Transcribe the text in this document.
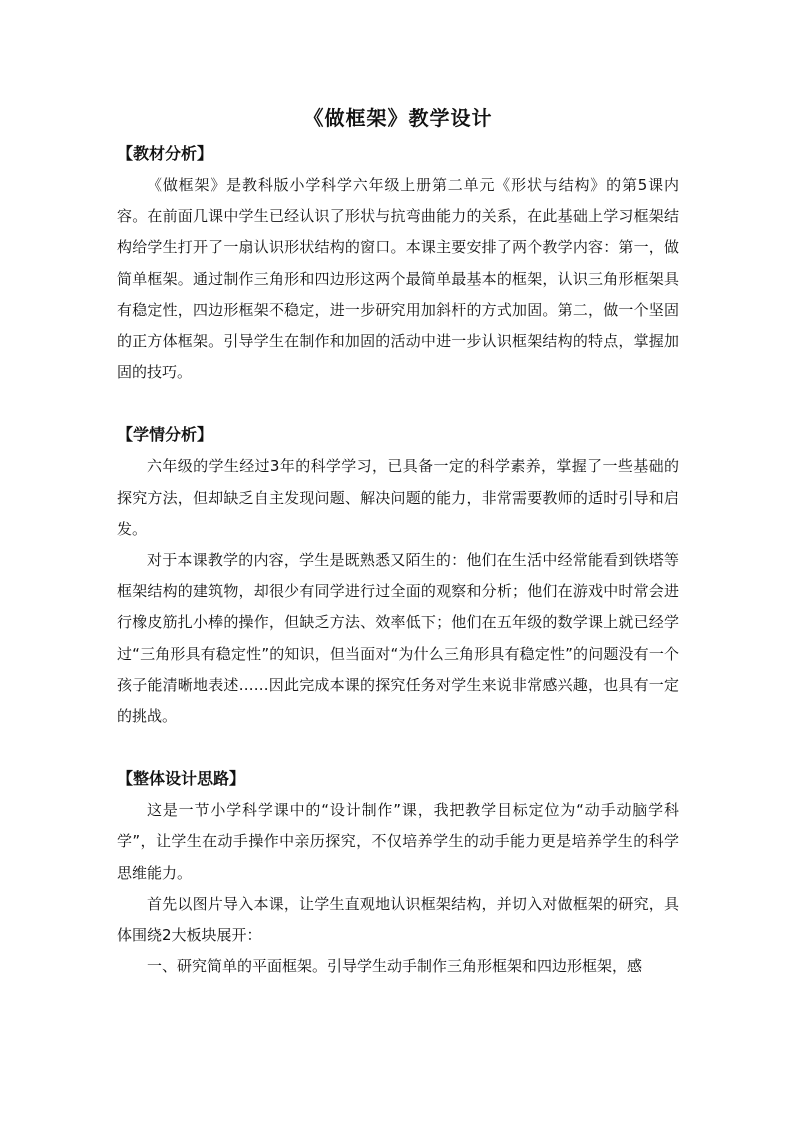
《做框架》教学设计

【教材分析】

《做框架》是教科版小学科学六年级上册第二单元《形状与结构》的第5课内容。在前面几课中学生已经认识了形状与抗弯曲能力的关系，在此基础上学习框架结构给学生打开了一扇认识形状结构的窗口。本课主要安排了两个教学内容：第一，做简单框架。通过制作三角形和四边形这两个最简单最基本的框架，认识三角形框架具有稳定性，四边形框架不稳定，进一步研究用加斜杆的方式加固。第二，做一个坚固的正方体框架。引导学生在制作和加固的活动中进一步认识框架结构的特点，掌握加固的技巧。

【学情分析】

六年级的学生经过3年的科学学习，已具备一定的科学素养，掌握了一些基础的探究方法，但却缺乏自主发现问题、解决问题的能力，非常需要教师的适时引导和启发。

对于本课教学的内容，学生是既熟悉又陌生的：他们在生活中经常能看到铁塔等框架结构的建筑物，却很少有同学进行过全面的观察和分析；他们在游戏中时常会进行橡皮筋扎小棒的操作，但缺乏方法、效率低下；他们在五年级的数学课上就已经学过“三角形具有稳定性”的知识，但当面对“为什么三角形具有稳定性”的问题没有一个孩子能清晰地表述……因此完成本课的探究任务对学生来说非常感兴趣，也具有一定的挑战。

【整体设计思路】

这是一节小学科学课中的“设计制作”课，我把教学目标定位为“动手动脑学科学”，让学生在动手操作中亲历探究，不仅培养学生的动手能力更是培养学生的科学思维能力。

首先以图片导入本课，让学生直观地认识框架结构，并切入对做框架的研究，具体围绕2大板块展开：

一、研究简单的平面框架。引导学生动手制作三角形框架和四边形框架，感
